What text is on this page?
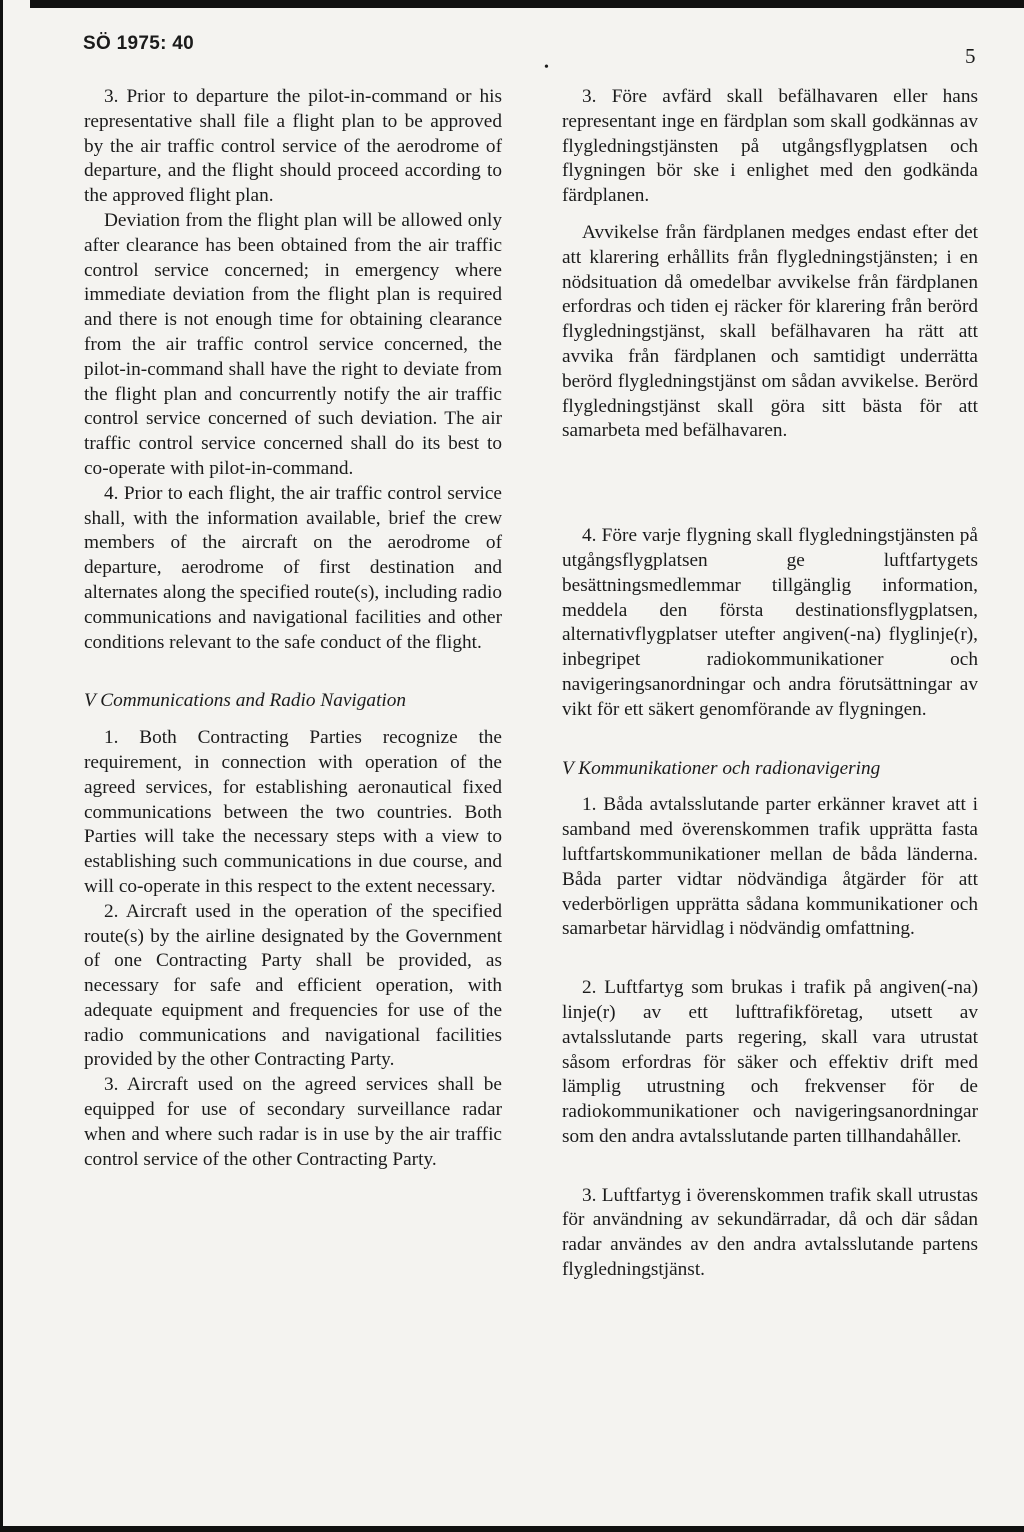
SÖ 1975: 40
•	5

3. Prior to departure the pilot-in-command or his representative shall file a flight plan to be approved by the air traffic control service of the aerodrome of departure, and the flight should proceed according to the approved flight plan.

Deviation from the flight plan will be allowed only after clearance has been obtained from the air traffic control service concerned; in emergency where immediate deviation from the flight plan is required and there is not enough time for obtaining clearance from the air traffic control service concerned, the pilot-in-command shall have the right to deviate from the flight plan and concurrently notify the air traffic control service concerned of such deviation. The air traffic control service concerned shall do its best to co-operate with pilot-in-command.

4. Prior to each flight, the air traffic control service shall, with the information available, brief the crew members of the aircraft on the aerodrome of departure, aerodrome of first destination and alternates along the specified route(s), including radio communications and navigational facilities and other conditions relevant to the safe conduct of the flight.

V Communications and Radio Navigation

1. Both Contracting Parties recognize the requirement, in connection with operation of the agreed services, for establishing aeronautical fixed communications between the two countries. Both Parties will take the necessary steps with a view to establishing such communications in due course, and will co-operate in this respect to the extent necessary.

2. Aircraft used in the operation of the specified route(s) by the airline designated by the Government of one Contracting Party shall be provided, as necessary for safe and efficient operation, with adequate equipment and frequencies for use of the radio communications and navigational facilities provided by the other Contracting Party.

3. Aircraft used on the agreed services shall be equipped for use of secondary surveillance radar when and where such radar is in use by the air traffic control service of the other Contracting Party.

3. Före avfärd skall befälhavaren eller hans representant inge en färdplan som skall godkännas av flygledningstjänsten på utgångsflygplatsen och flygningen bör ske i enlighet med den godkända färdplanen.

Avvikelse från färdplanen medges endast efter det att klarering erhållits från flygledningstjänsten; i en nödsituation då omedelbar avvikelse från färdplanen erfordras och tiden ej räcker för klarering från berörd flygledningstjänst, skall befälhavaren ha rätt att avvika från färdplanen och samtidigt underrätta berörd flygledningstjänst om sådan avvikelse. Berörd flygledningstjänst skall göra sitt bästa för att samarbeta med befälhavaren.

4. Före varje flygning skall flygledningstjänsten på utgångsflygplatsen ge luftfartygets besättningsmedlemmar tillgänglig information, meddela den första destinationsflygplatsen, alternativflygplatser utefter angiven(-na) flyglinje(r), inbegripet radiokommunikationer och navigeringsanordningar och andra förutsättningar av vikt för ett säkert genomförande av flygningen.

V Kommunikationer och radionavigering

1. Båda avtalsslutande parter erkänner kravet att i samband med överenskommen trafik upprätta fasta luftfartskommunikationer mellan de båda länderna. Båda parter vidtar nödvändiga åtgärder för att vederbörligen upprätta sådana kommunikationer och samarbetar härvidlag i nödvändig omfattning.

2. Luftfartyg som brukas i trafik på angiven(-na) linje(r) av ett lufttrafikföretag, utsett av avtalsslutande parts regering, skall vara utrustat såsom erfordras för säker och effektiv drift med lämplig utrustning och frekvenser för de radiokommunikationer och navigeringsanordningar som den andra avtalsslutande parten tillhandahåller.

3. Luftfartyg i överenskommen trafik skall utrustas för användning av sekundärradar, då och där sådan radar användes av den andra avtalsslutande partens flygledningstjänst.
